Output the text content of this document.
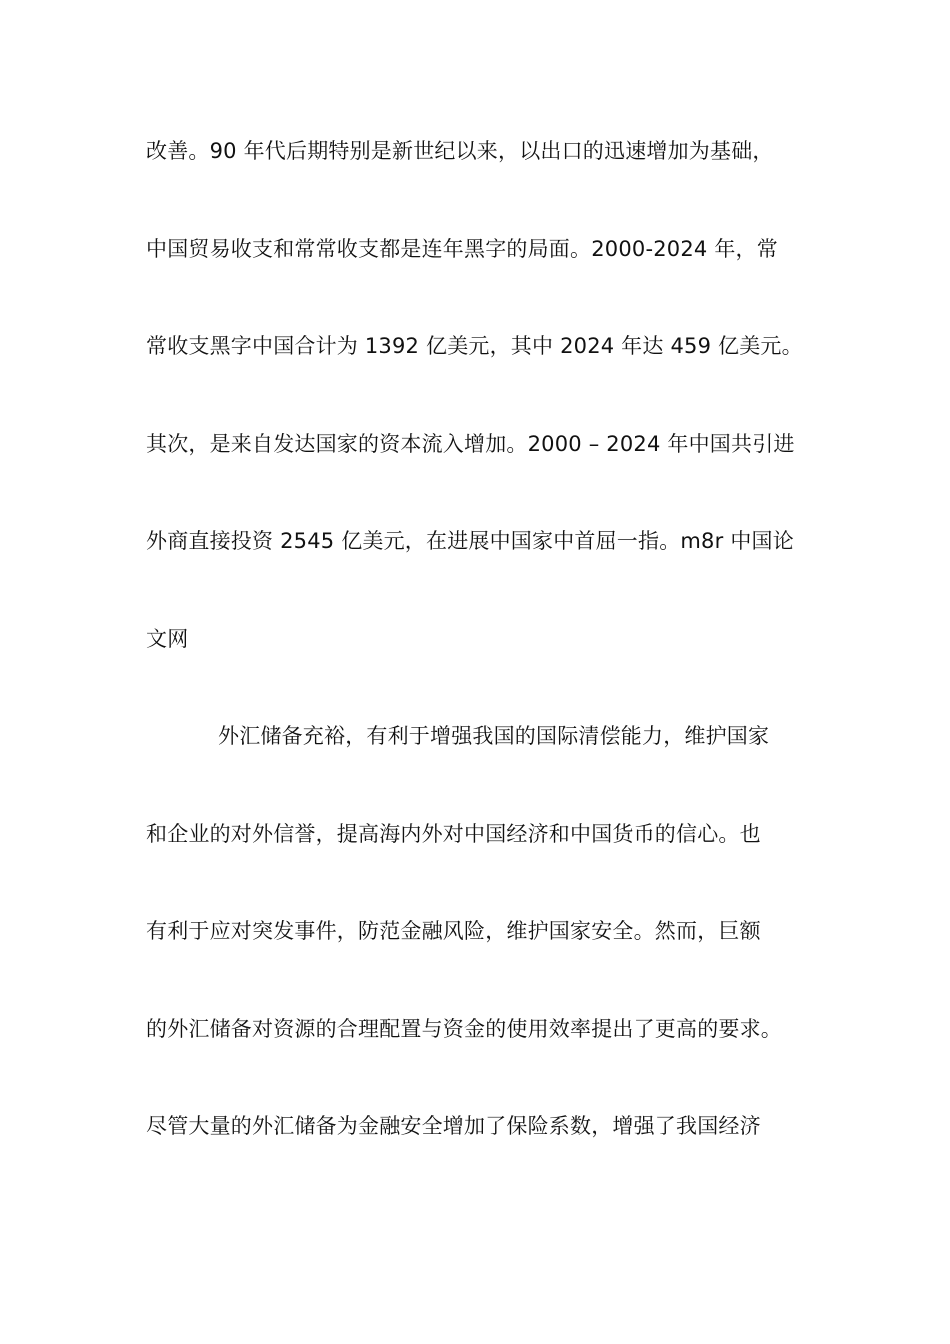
改善。90 年代后期特别是新世纪以来，以出口的迅速增加为基础，
中国贸易收支和常常收支都是连年黑字的局面。2000-2024 年，常
常收支黑字中国合计为 1392 亿美元，其中 2024 年达 459 亿美元。
其次，是来自发达国家的资本流入增加。2000 – 2024 年中国共引进
外商直接投资 2545 亿美元，在进展中国家中首屈一指。m8r 中国论
文网
外汇储备充裕，有利于增强我国的国际清偿能力，维护国家
和企业的对外信誉，提高海内外对中国经济和中国货币的信心。也
有利于应对突发事件，防范金融风险，维护国家安全。然而，巨额
的外汇储备对资源的合理配置与资金的使用效率提出了更高的要求。
尽管大量的外汇储备为金融安全增加了保险系数，增强了我国经济
